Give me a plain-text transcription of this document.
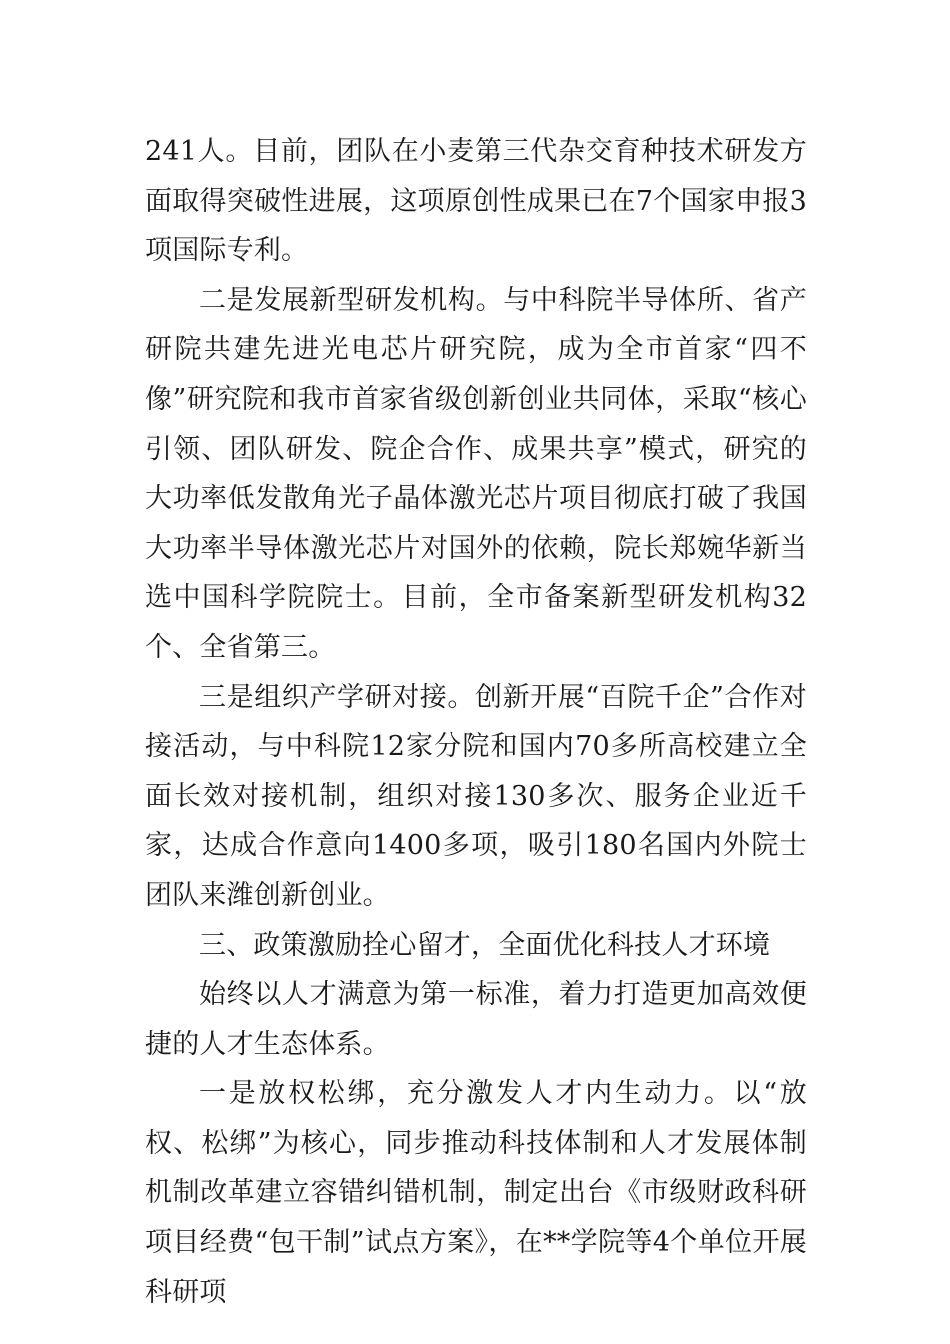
241人。目前，团队在小麦第三代杂交育种技术研发方面取得突破性进展，这项原创性成果已在7个国家申报3项国际专利。

二是发展新型研发机构。与中科院半导体所、省产研院共建先进光电芯片研究院，成为全市首家“四不像”研究院和我市首家省级创新创业共同体，采取“核心引领、团队研发、院企合作、成果共享”模式，研究的大功率低发散角光子晶体激光芯片项目彻底打破了我国大功率半导体激光芯片对国外的依赖，院长郑婉华新当选中国科学院院士。目前，全市备案新型研发机构32个、全省第三。

三是组织产学研对接。创新开展“百院千企”合作对接活动，与中科院12家分院和国内70多所高校建立全面长效对接机制，组织对接130多次、服务企业近千家，达成合作意向1400多项，吸引180名国内外院士团队来潍创新创业。

三、政策激励拴心留才，全面优化科技人才环境

始终以人才满意为第一标准，着力打造更加高效便捷的人才生态体系。

一是放权松绑，充分激发人才内生动力。以“放权、松绑”为核心，同步推动科技体制和人才发展体制机制改革建立容错纠错机制，制定出台《市级财政科研项目经费“包干制”试点方案》，在**学院等4个单位开展科研项
